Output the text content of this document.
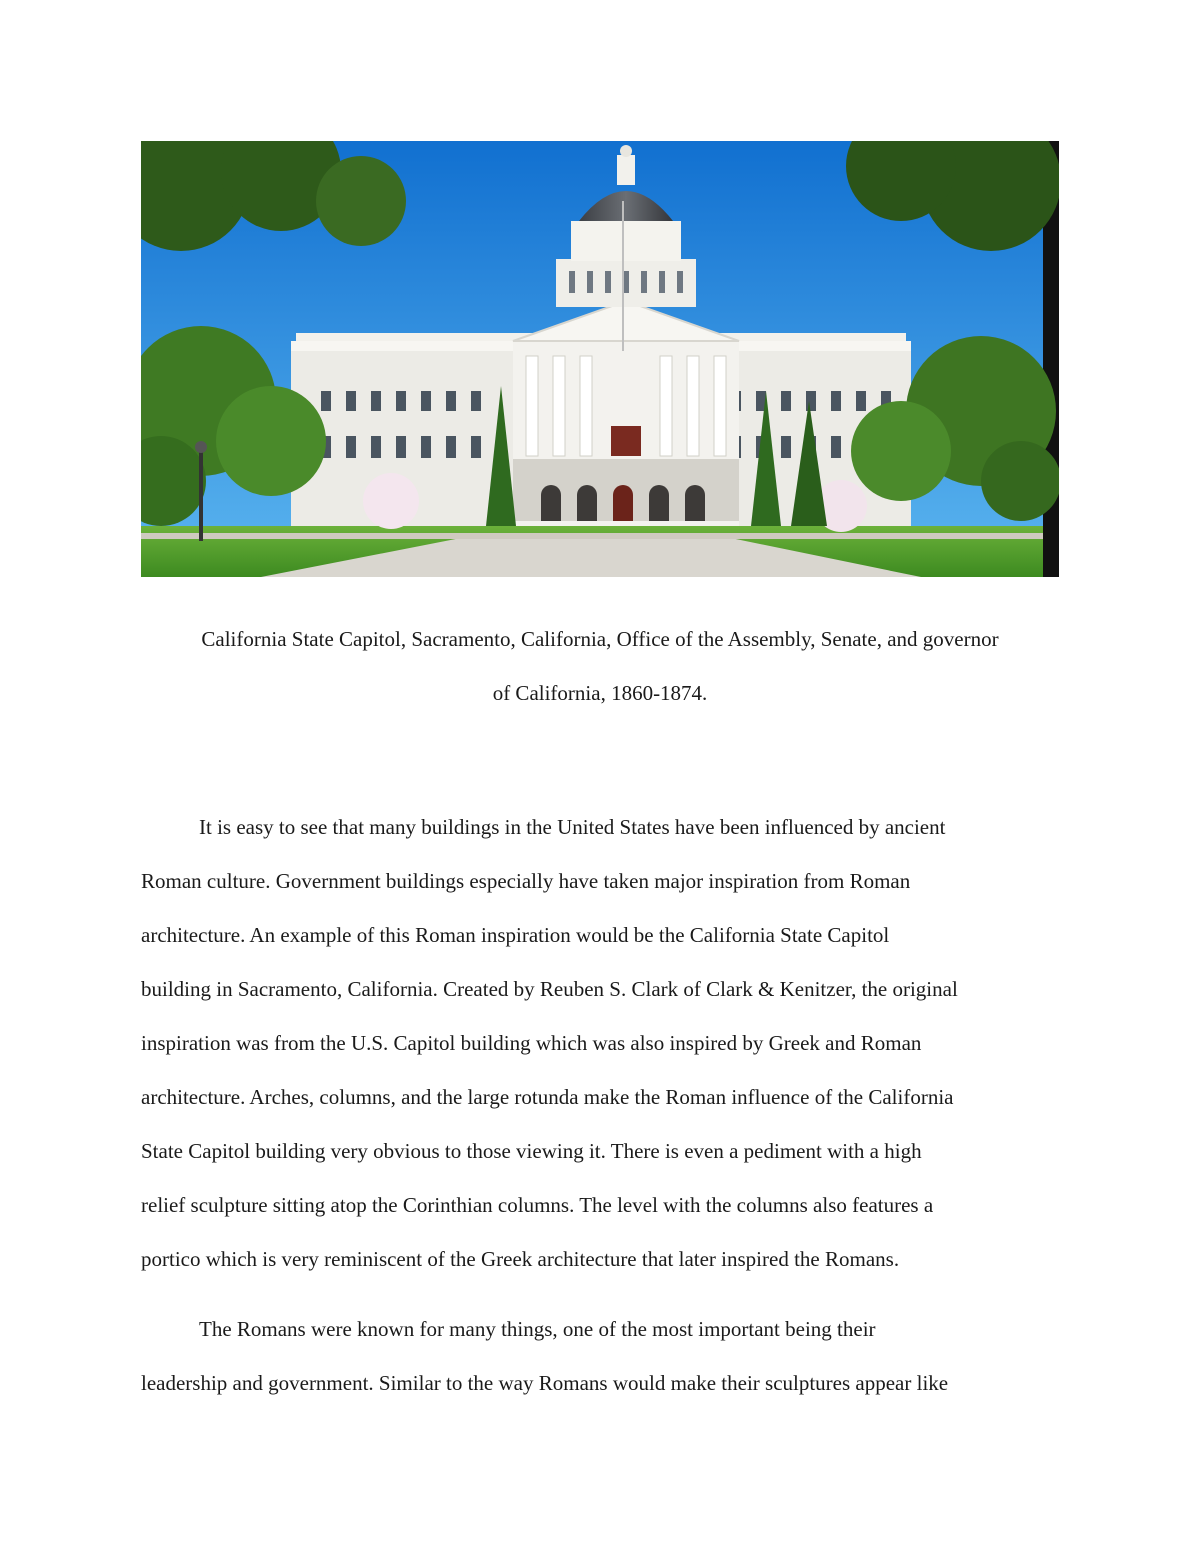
California State Capitol, Sacramento, California, Office of the Assembly, Senate, and governor
of California, 1860-1874.
It is easy to see that many buildings in the United States have been influenced by ancient
Roman culture. Government buildings especially have taken major inspiration from Roman
architecture. An example of this Roman inspiration would be the California State Capitol
building in Sacramento, California. Created by Reuben S. Clark of Clark & Kenitzer, the original
inspiration was from the U.S. Capitol building which was also inspired by Greek and Roman
architecture. Arches, columns, and the large rotunda make the Roman influence of the California
State Capitol building very obvious to those viewing it. There is even a pediment with a high
relief sculpture sitting atop the Corinthian columns. The level with the columns also features a
portico which is very reminiscent of the Greek architecture that later inspired the Romans.
The Romans were known for many things, one of the most important being their
leadership and government. Similar to the way Romans would make their sculptures appear like
